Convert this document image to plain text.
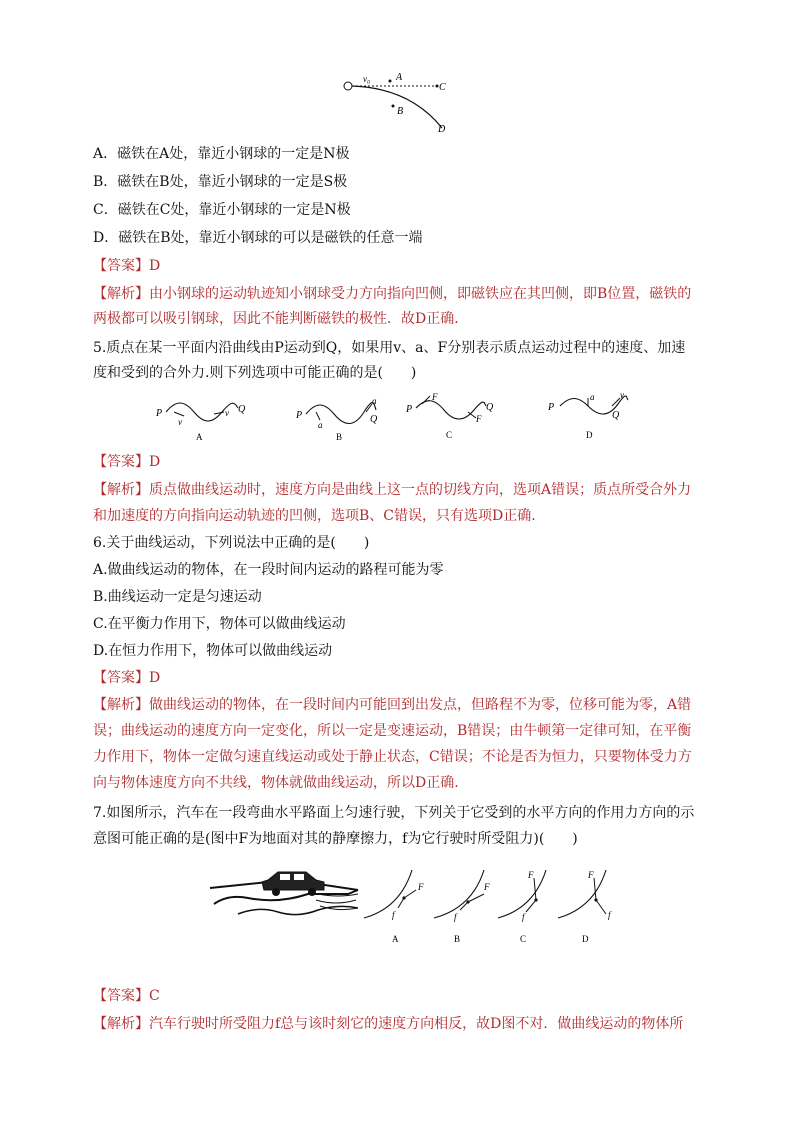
v₀	A
B
C
D
A．磁铁在A处，靠近小钢球的一定是N极
B．磁铁在B处，靠近小钢球的一定是S极
C．磁铁在C处，靠近小钢球的一定是N极
D．磁铁在B处，靠近小钢球的可以是磁铁的任意一端
【答案】D
【解析】由小钢球的运动轨迹知小钢球受力方向指向凹侧，即磁铁应在其凹侧，即B位置，磁铁的
两极都可以吸引钢球，因此不能判断磁铁的极性．故D正确．
5.质点在某一平面内沿曲线由P运动到Q，如果用v、a、F分别表示质点运动过程中的速度、加速
度和受到的合外力.则下列选项中可能正确的是(　　)
P
v
v Q
A
P
a
a
Q
B
P
F
F
Q
C
P
a	v
Q
D
【答案】D
【解析】质点做曲线运动时，速度方向是曲线上这一点的切线方向，选项A错误；质点所受合外力
和加速度的方向指向运动轨迹的凹侧，选项B、C错误，只有选项D正确.
6.关于曲线运动，下列说法中正确的是(　　)
A.做曲线运动的物体，在一段时间内运动的路程可能为零
B.曲线运动一定是匀速运动
C.在平衡力作用下，物体可以做曲线运动
D.在恒力作用下，物体可以做曲线运动
【答案】D
【解析】做曲线运动的物体，在一段时间内可能回到出发点，但路程不为零，位移可能为零，A错
误；曲线运动的速度方向一定变化，所以一定是变速运动，B错误；由牛顿第一定律可知，在平衡
力作用下，物体一定做匀速直线运动或处于静止状态，C错误；不论是否为恒力，只要物体受力方
向与物体速度方向不共线，物体就做曲线运动，所以D正确.
7.如图所示，汽车在一段弯曲水平路面上匀速行驶，下列关于它受到的水平方向的作用力方向的示
意图可能正确的是(图中F为地面对其的静摩擦力，f为它行驶时所受阻力)(　　)
F
f
A
F
f
B
F
f
C
F
f
D
【答案】C
【解析】汽车行驶时所受阻力f总与该时刻它的速度方向相反，故D图不对．做曲线运动的物体所
